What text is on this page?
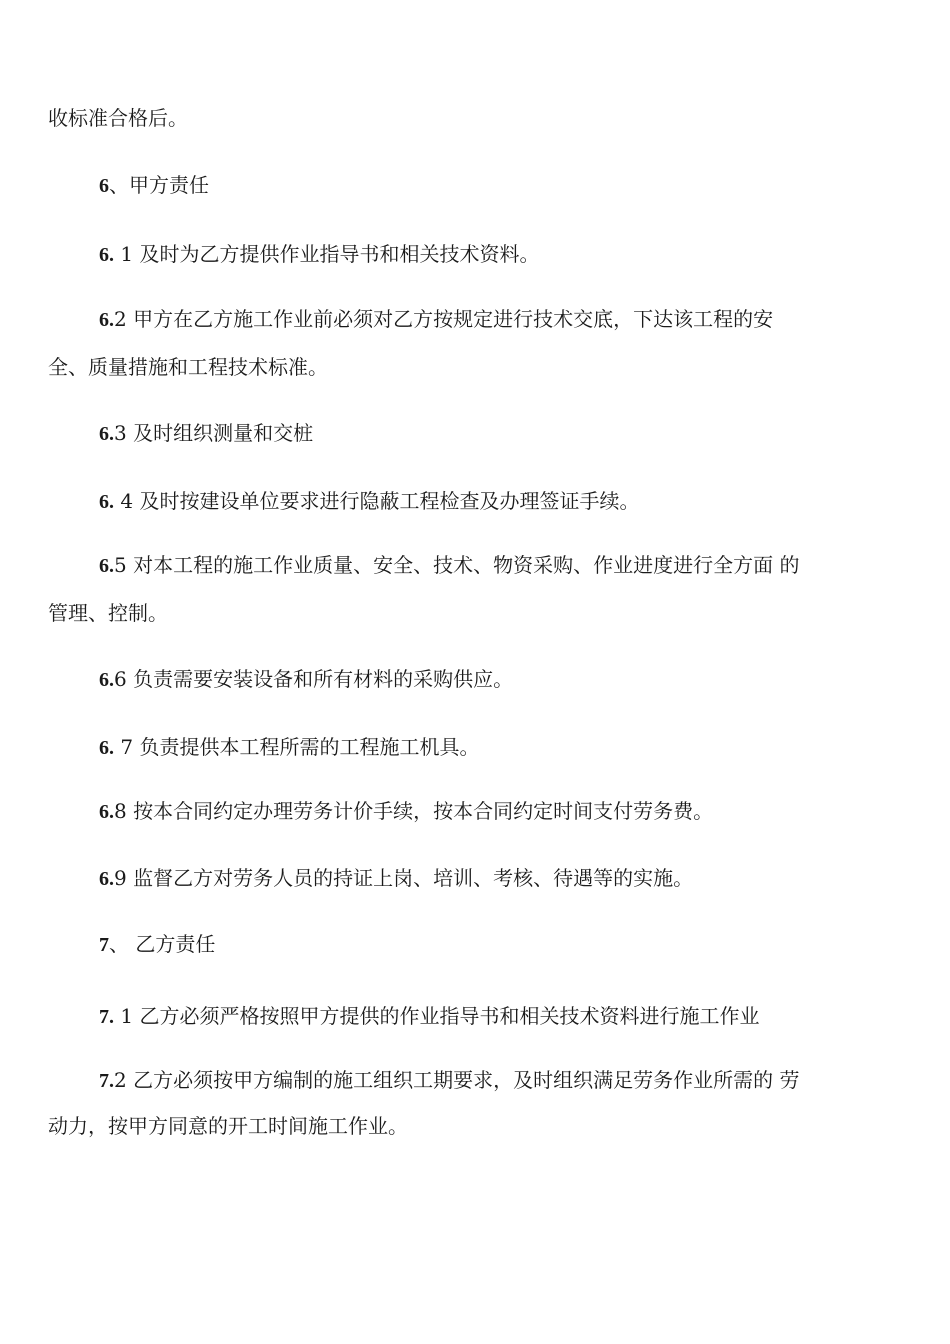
收标准合格后。
6、甲方责任
6. 1 及时为乙方提供作业指导书和相关技术资料。
6.2 甲方在乙方施工作业前必须对乙方按规定进行技术交底，下达该工程的安
全、质量措施和工程技术标准。
6.3 及时组织测量和交桩
6. 4 及时按建设单位要求进行隐蔽工程检查及办理签证手续。
6.5 对本工程的施工作业质量、安全、技术、物资采购、作业进度进行全方面 的
管理、控制。
6.6 负责需要安装设备和所有材料的采购供应。
6. 7 负责提供本工程所需的工程施工机具。
6.8 按本合同约定办理劳务计价手续，按本合同约定时间支付劳务费。
6.9 监督乙方对劳务人员的持证上岗、培训、考核、待遇等的实施。
7、 乙方责任
7. 1 乙方必须严格按照甲方提供的作业指导书和相关技术资料进行施工作业
7.2 乙方必须按甲方编制的施工组织工期要求，及时组织满足劳务作业所需的 劳
动力，按甲方同意的开工时间施工作业。
